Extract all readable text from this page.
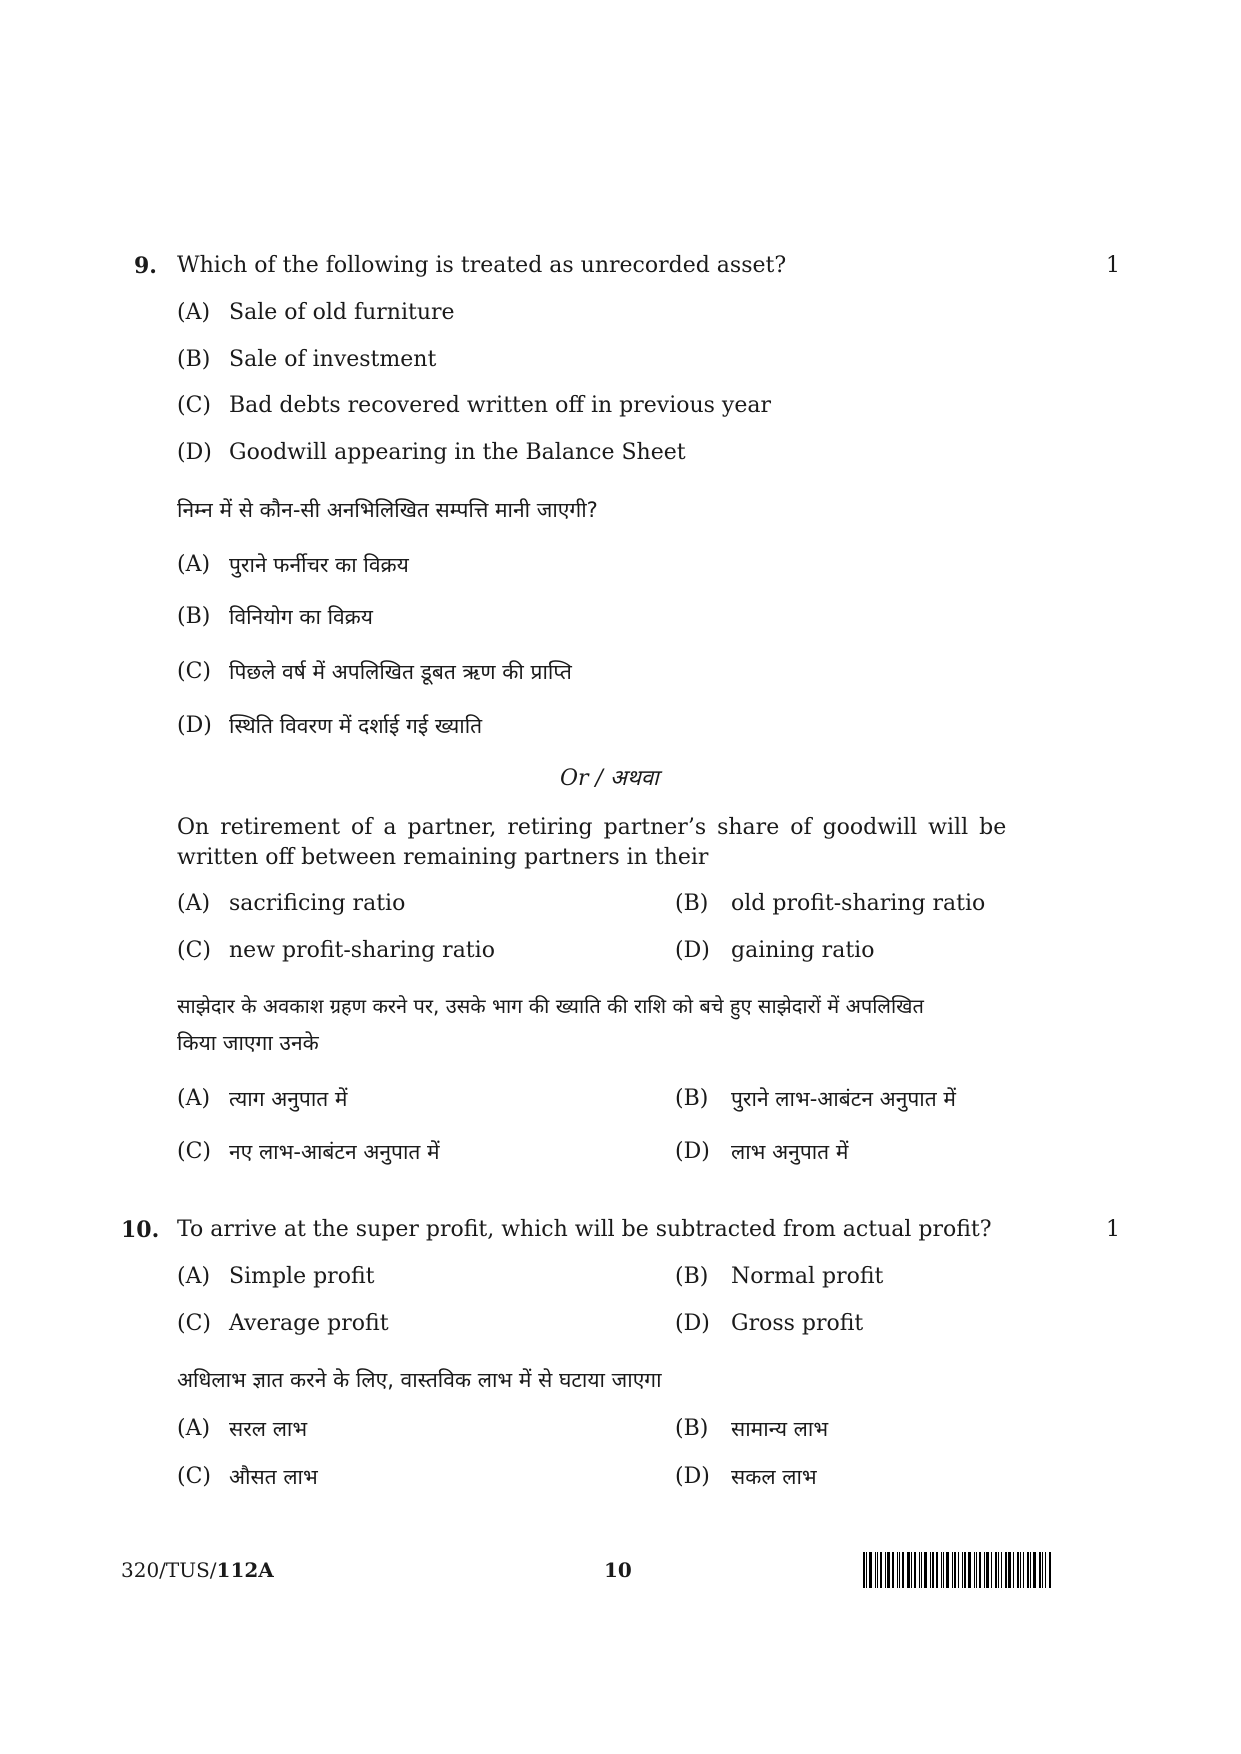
9. Which of the following is treated as unrecorded asset?	1
(A) Sale of old furniture
(B) Sale of investment
(C) Bad debts recovered written off in previous year
(D) Goodwill appearing in the Balance Sheet
निम्न में से कौन-सी अनभिलिखित सम्पत्ति मानी जाएगी?
(A) पुराने फर्नीचर का विक्रय
(B) विनियोग का विक्रय
(C) पिछले वर्ष में अपलिखित डूबत ऋण की प्राप्ति
(D) स्थिति विवरण में दर्शाई गई ख्याति
Or / अथवा
On retirement of a partner, retiring partner’s share of goodwill will be
written off between remaining partners in their
(A) sacrificing ratio	(B) old profit-sharing ratio
(C) new profit-sharing ratio	(D) gaining ratio
साझेदार के अवकाश ग्रहण करने पर, उसके भाग की ख्याति की राशि को बचे हुए साझेदारों में अपलिखित
किया जाएगा उनके
(A) त्याग अनुपात में	(B) पुराने लाभ-आबंटन अनुपात में
(C) नए लाभ-आबंटन अनुपात में	(D) लाभ अनुपात में
10. To arrive at the super profit, which will be subtracted from actual profit?	1
(A) Simple profit	(B) Normal profit
(C) Average profit	(D) Gross profit
अधिलाभ ज्ञात करने के लिए, वास्तविक लाभ में से घटाया जाएगा
(A) सरल लाभ	(B) सामान्य लाभ
(C) औसत लाभ	(D) सकल लाभ
320/TUS/112A	10
